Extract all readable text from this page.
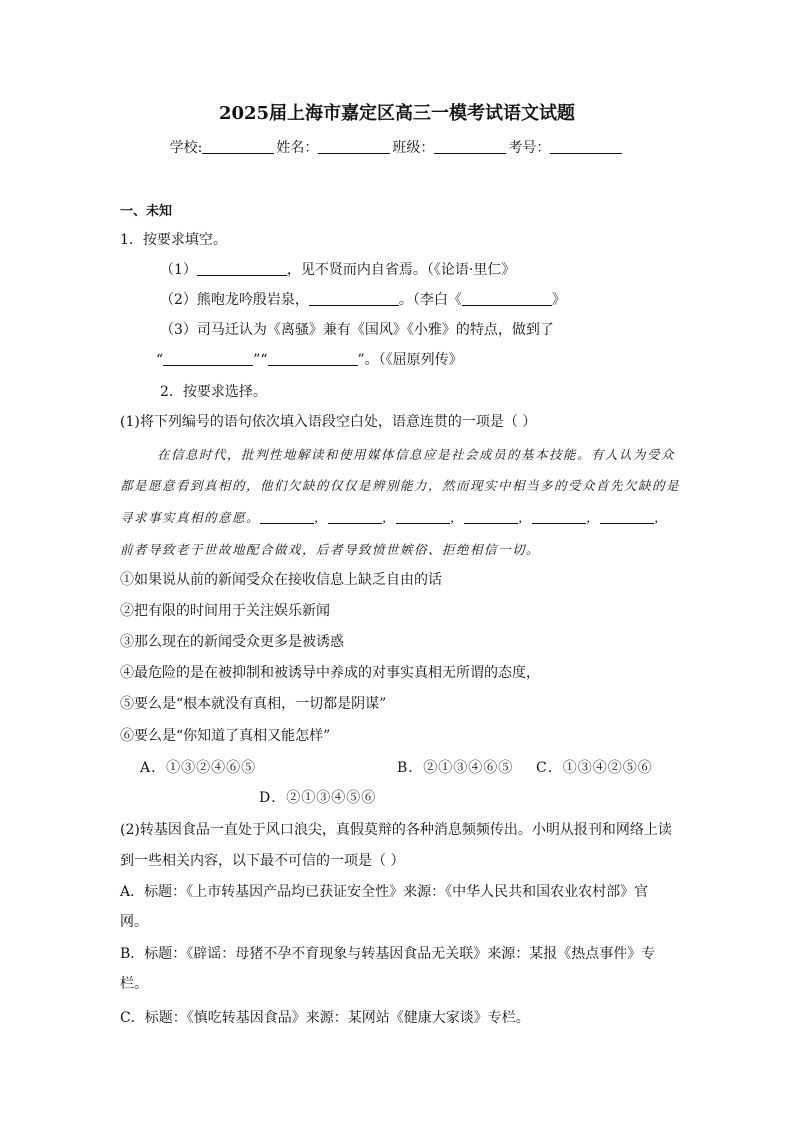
2025届上海市嘉定区高三一模考试语文试题
学校:	姓名：	班级：	考号：
一、未知
1．按要求填空。
（1）	，见不贤而内自省焉。（《论语·里仁》
（2）熊咆龙吟殷岩泉，	。（李白《	》
（3）司马迁认为《离骚》兼有《国风》《小雅》的特点，做到了
“	”“	”。（《屈原列传》
2．按要求选择。
(1)将下列编号的语句依次填入语段空白处，语意连贯的一项是（ ）
在信息时代，批判性地解读和使用媒体信息应是社会成员的基本技能。有人认为受众
都是愿意看到真相的，他们欠缺的仅仅是辨别能力，然而现实中相当多的受众首先欠缺的是
寻求事实真相的意愿。	，	，	，	，	，	，
前者导致老于世故地配合做戏，后者导致愤世嫉俗、拒绝相信一切。
①如果说从前的新闻受众在接收信息上缺乏自由的话
②把有限的时间用于关注娱乐新闻
③那么现在的新闻受众更多是被诱惑
④最危险的是在被抑制和被诱导中养成的对事实真相无所谓的态度，
⑤要么是“根本就没有真相，一切都是阴谋”
⑥要么是“你知道了真相又能怎样”
A．①③②④⑥⑤	B．②①③④⑥⑤ C．①③④②⑤⑥
D．②①③④⑤⑥
(2)转基因食品一直处于风口浪尖，真假莫辩的各种消息频频传出。小明从报刊和网络上读
到一些相关内容，以下最不可信的一项是（ ）
A．标题：《上市转基因产品均已获证安全性》来源：《中华人民共和国农业农村部》官
网。
B．标题：《辟谣：母猪不孕不育现象与转基因食品无关联》来源：某报《热点事件》专
栏。
C．标题：《慎吃转基因食品》来源：某网站《健康大家谈》专栏。
